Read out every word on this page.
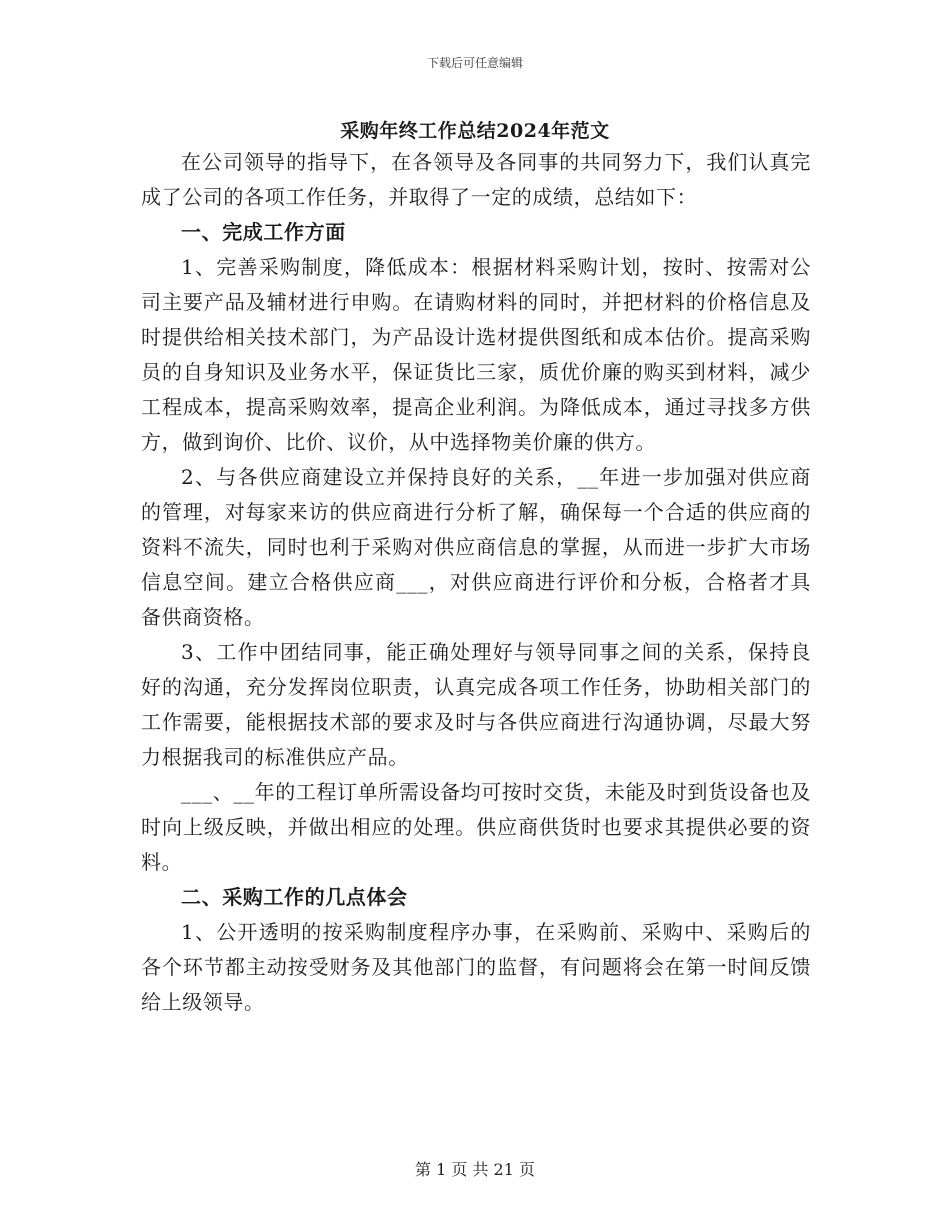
下载后可任意编辑
采购年终工作总结2024年范文

在公司领导的指导下，在各领导及各同事的共同努力下，我们认真完成了公司的各项工作任务，并取得了一定的成绩，总结如下：

一、完成工作方面

1、完善采购制度，降低成本：根据材料采购计划，按时、按需对公司主要产品及辅材进行申购。在请购材料的同时，并把材料的价格信息及时提供给相关技术部门，为产品设计选材提供图纸和成本估价。提高采购员的自身知识及业务水平，保证货比三家，质优价廉的购买到材料，减少工程成本，提高采购效率，提高企业利润。为降低成本，通过寻找多方供方，做到询价、比价、议价，从中选择物美价廉的供方。

2、与各供应商建设立并保持良好的关系，__年进一步加强对供应商的管理，对每家来访的供应商进行分析了解，确保每一个合适的供应商的资料不流失，同时也利于采购对供应商信息的掌握，从而进一步扩大市场信息空间。建立合格供应商___，对供应商进行评价和分板，合格者才具备供商资格。

3、工作中团结同事，能正确处理好与领导同事之间的关系，保持良好的沟通，充分发挥岗位职责，认真完成各项工作任务，协助相关部门的工作需要，能根据技术部的要求及时与各供应商进行沟通协调，尽最大努力根据我司的标准供应产品。

___、__年的工程订单所需设备均可按时交货，未能及时到货设备也及时向上级反映，并做出相应的处理。供应商供货时也要求其提供必要的资料。

二、采购工作的几点体会

1、公开透明的按采购制度程序办事，在采购前、采购中、采购后的各个环节都主动按受财务及其他部门的监督，有问题将会在第一时间反馈给上级领导。

第 1 页 共 21 页
